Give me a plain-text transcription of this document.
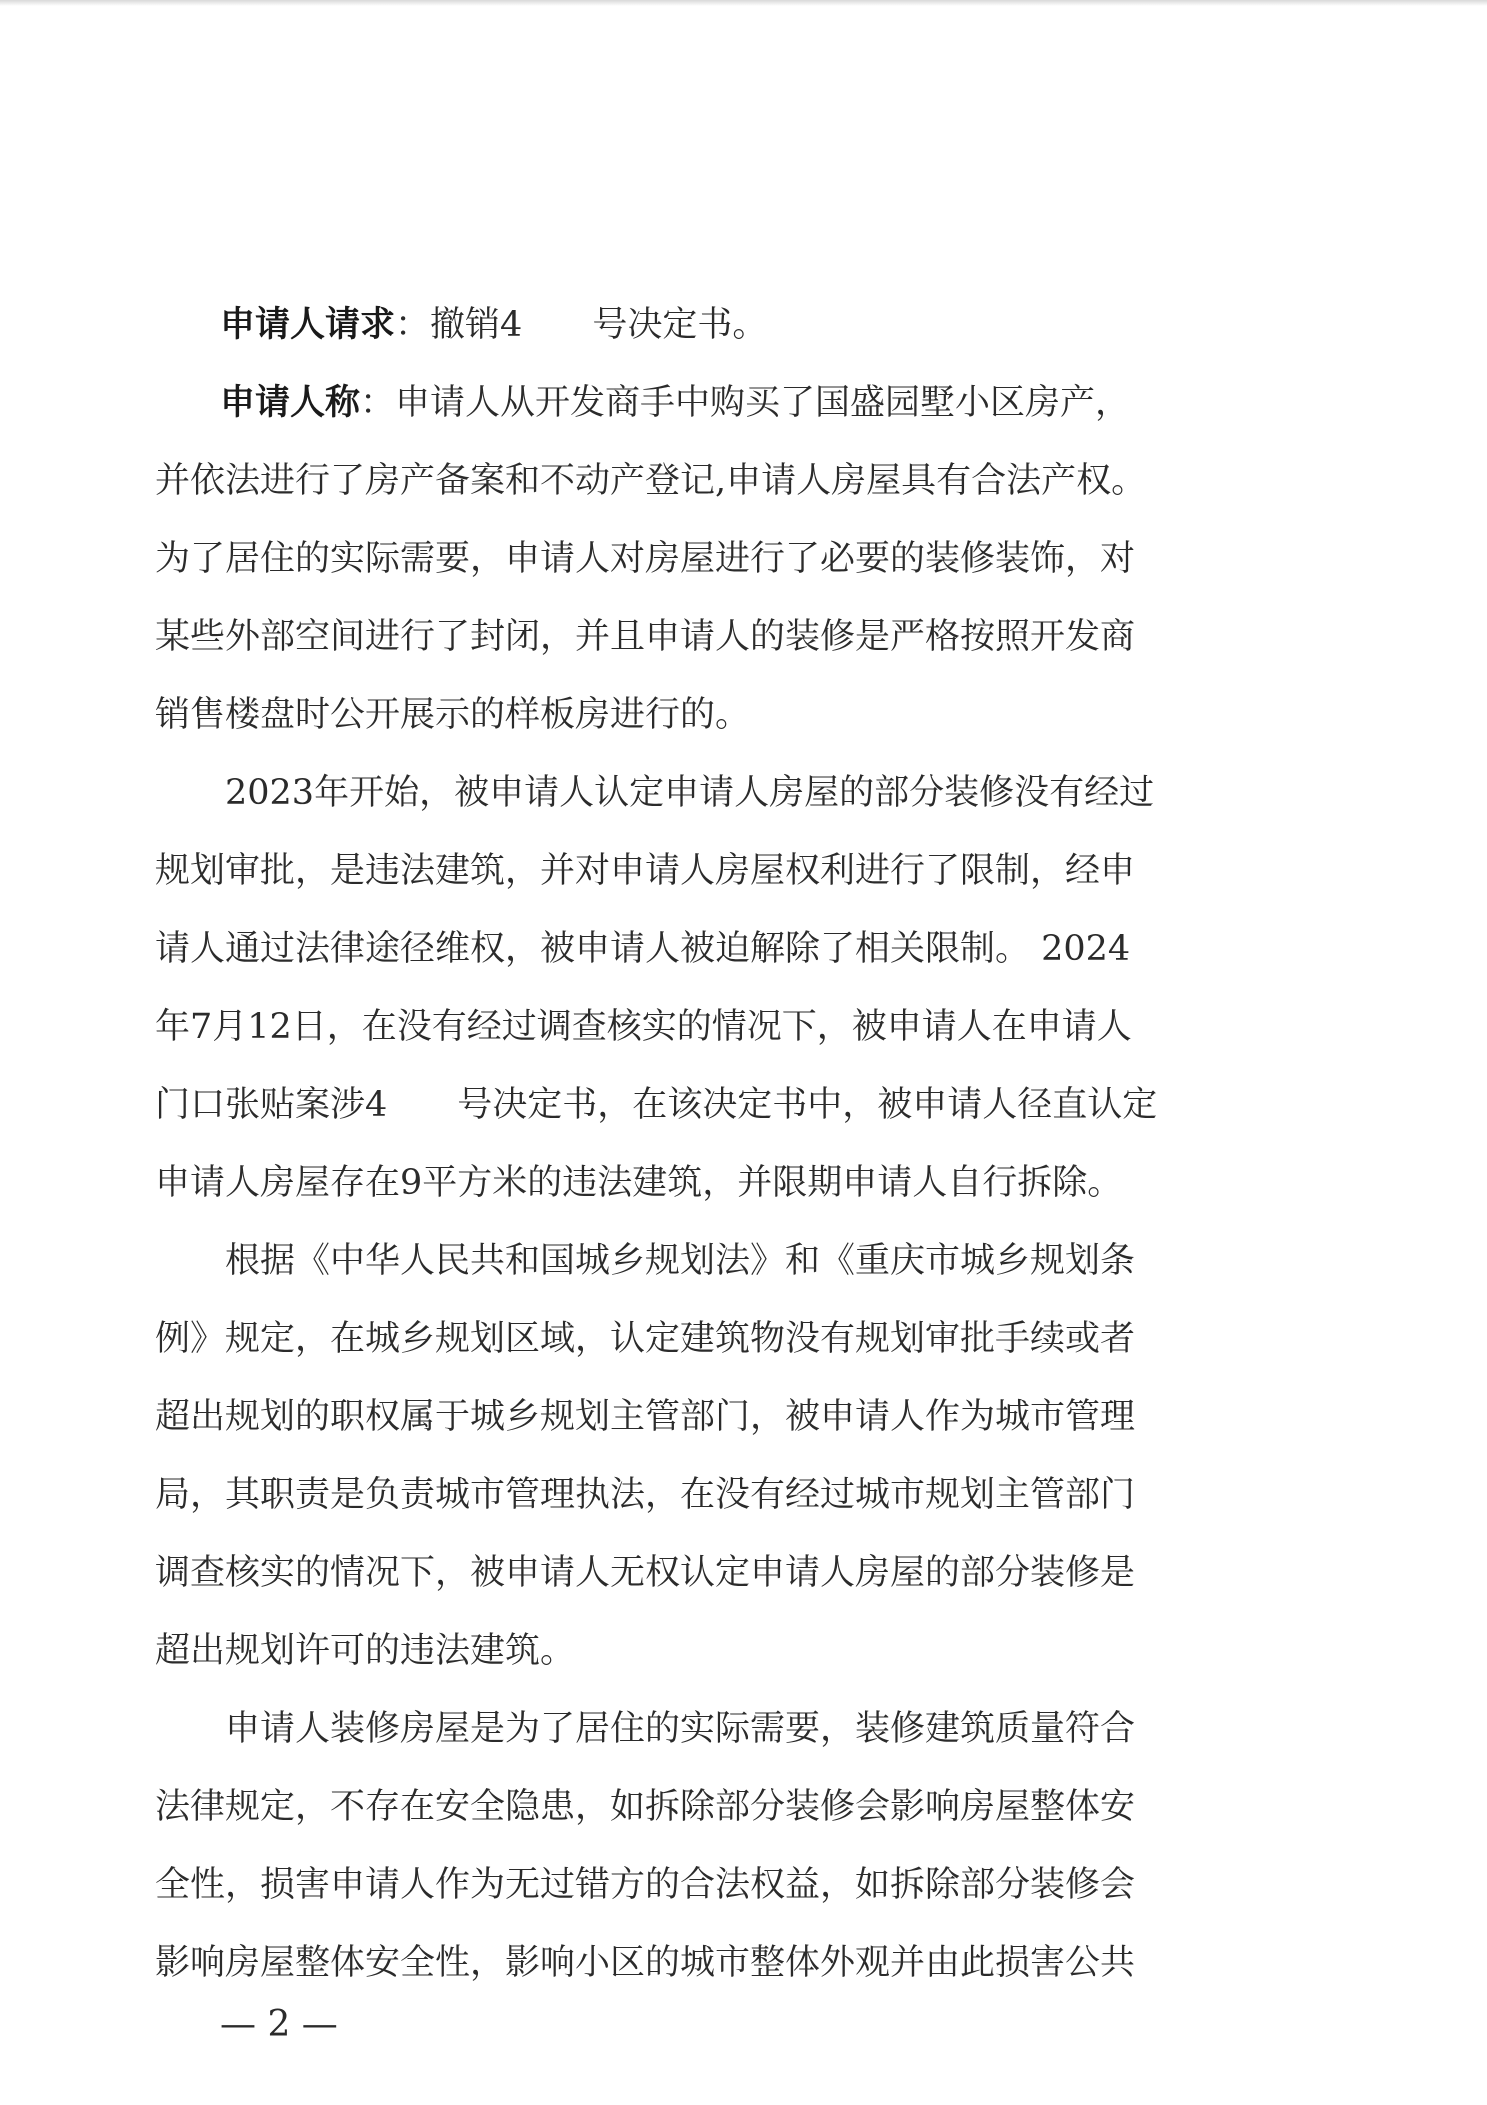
申请人请求：撤销4 号决定书。
申请人称：申请人从开发商手中购买了国盛园墅小区房产，
并依法进行了房产备案和不动产登记,申请人房屋具有合法产权。
为了居住的实际需要，申请人对房屋进行了必要的装修装饰，对
某些外部空间进行了封闭，并且申请人的装修是严格按照开发商
销售楼盘时公开展示的样板房进行的。
2023年开始，被申请人认定申请人房屋的部分装修没有经过
规划审批，是违法建筑，并对申请人房屋权利进行了限制，经申
请人通过法律途径维权，被申请人被迫解除了相关限制。 2024
年7月12日，在没有经过调查核实的情况下，被申请人在申请人
门口张贴案涉4 号决定书，在该决定书中，被申请人径直认定
申请人房屋存在9平方米的违法建筑，并限期申请人自行拆除。
根据《中华人民共和国城乡规划法》和《重庆市城乡规划条
例》规定，在城乡规划区域，认定建筑物没有规划审批手续或者
超出规划的职权属于城乡规划主管部门，被申请人作为城市管理
局，其职责是负责城市管理执法，在没有经过城市规划主管部门
调查核实的情况下，被申请人无权认定申请人房屋的部分装修是
超出规划许可的违法建筑。
申请人装修房屋是为了居住的实际需要，装修建筑质量符合
法律规定，不存在安全隐患，如拆除部分装修会影响房屋整体安
全性，损害申请人作为无过错方的合法权益，如拆除部分装修会
影响房屋整体安全性，影响小区的城市整体外观并由此损害公共
— 2 —
